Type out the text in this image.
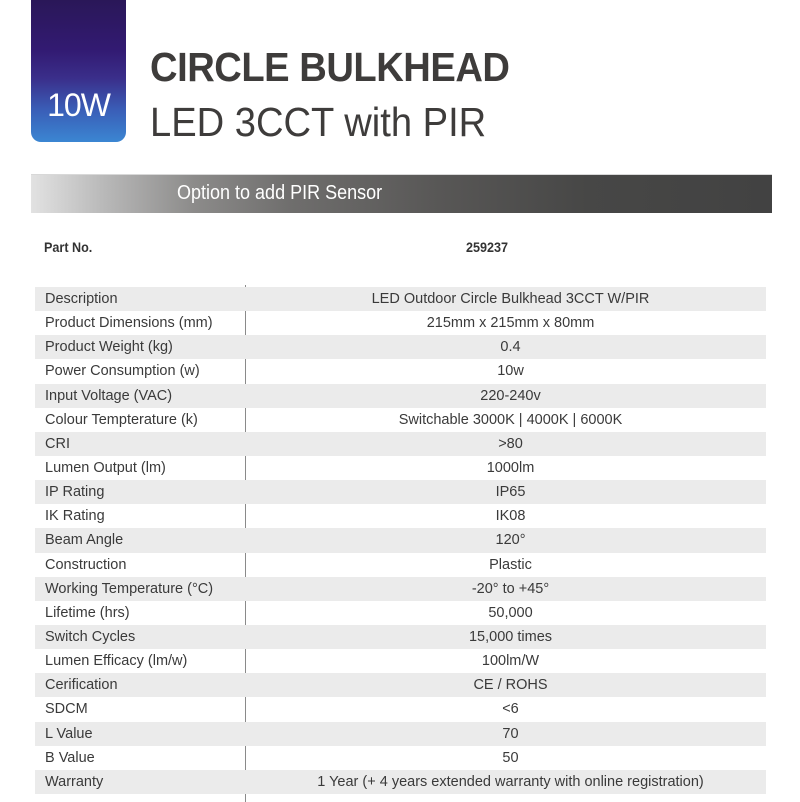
10W
CIRCLE BULKHEAD
LED 3CCT with PIR
Option to add PIR Sensor
Part No.	259237
Description	LED Outdoor Circle Bulkhead 3CCT W/PIR
Product Dimensions (mm)	215mm x 215mm x 80mm
Product Weight (kg)	0.4
Power Consumption (w)	10w
Input Voltage (VAC)	220-240v
Colour Tempterature (k)	Switchable 3000K | 4000K | 6000K
CRI	>80
Lumen Output (lm)	1000lm
IP Rating	IP65
IK Rating	IK08
Beam Angle	120°
Construction	Plastic
Working Temperature (°C)	-20° to +45°
Lifetime (hrs)	50,000
Switch Cycles	15,000 times
Lumen Efficacy (lm/w)	100lm/W
Cerification	CE / ROHS
SDCM	<6
L Value	70
B Value	50
Warranty	1 Year (+ 4 years extended warranty with online registration)
